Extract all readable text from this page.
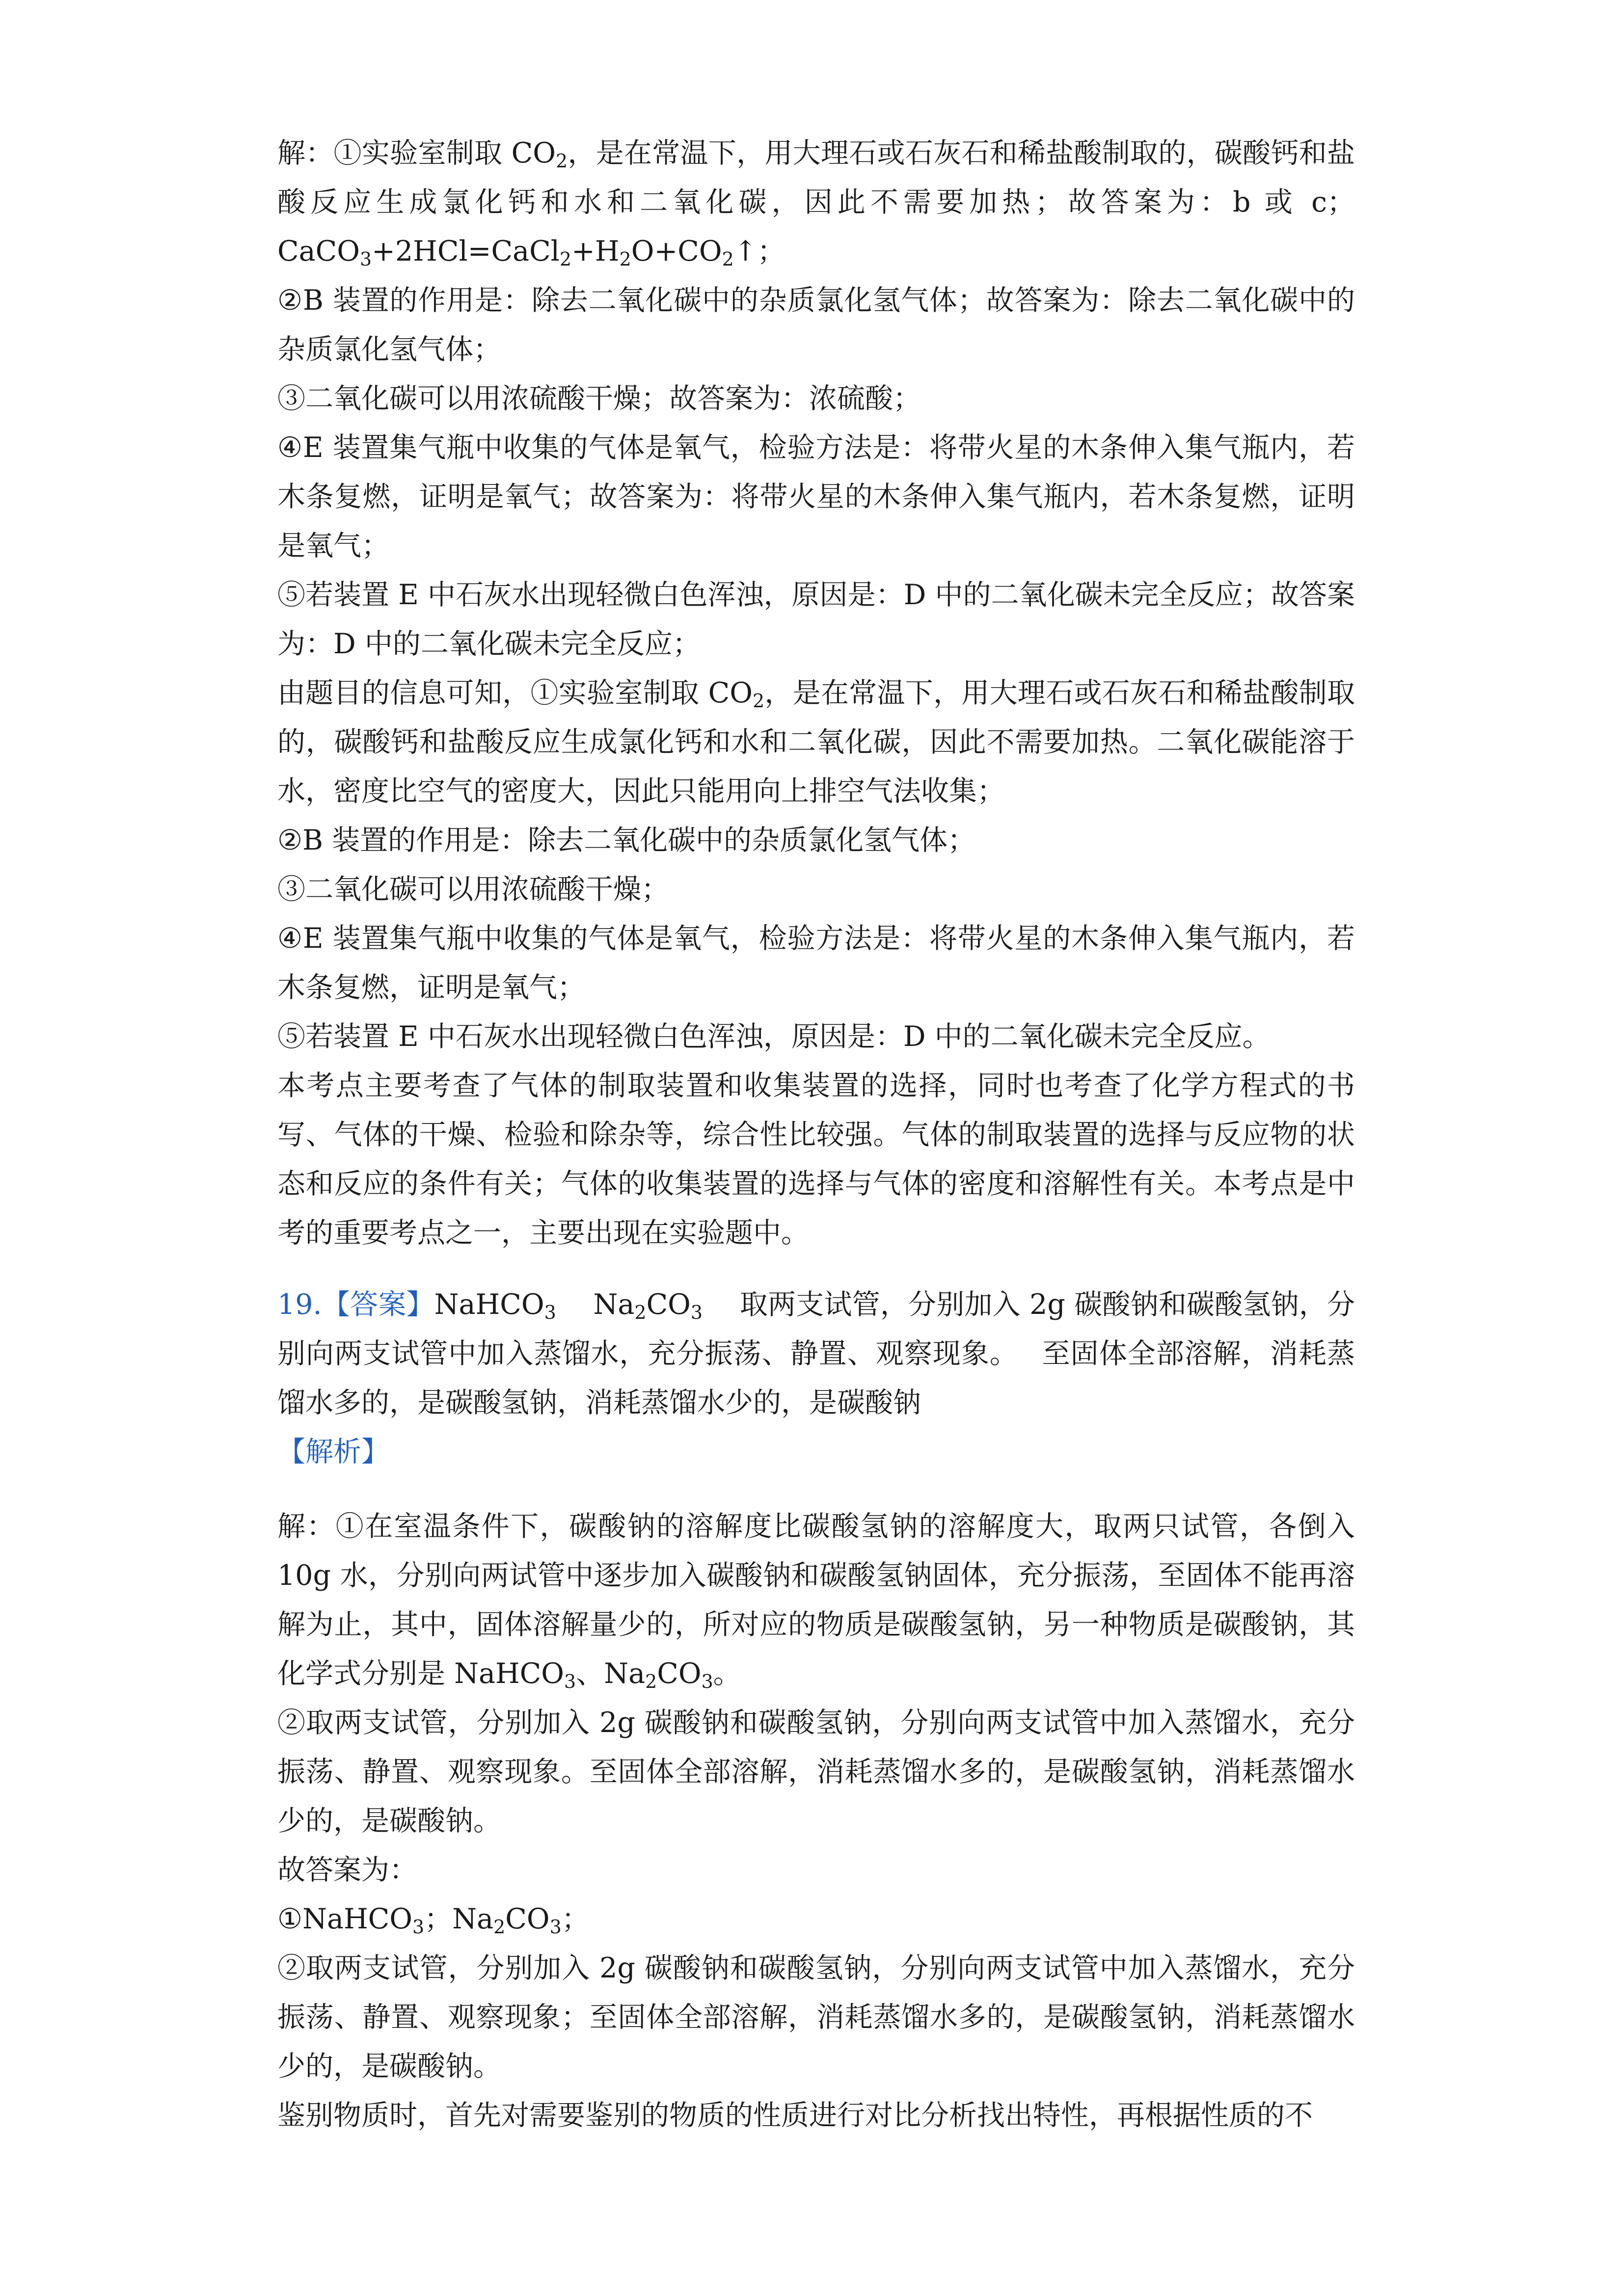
解：①实验室制取 $CO_2$，是在常温下，用大理石或石灰石和稀盐酸制取的，碳酸钙和盐酸反应生成氯化钙和水和二氧化碳，因此不需要加热；故答案为：b 或 c；$CaCO_3+2HCl=CaCl_2+H_2O+CO_2↑$；

②B 装置的作用是：除去二氧化碳中的杂质氯化氢气体；故答案为：除去二氧化碳中的杂质氯化氢气体；

③二氧化碳可以用浓硫酸干燥；故答案为：浓硫酸；

④E 装置集气瓶中收集的气体是氧气，检验方法是：将带火星的木条伸入集气瓶内，若木条复燃，证明是氧气；故答案为：将带火星的木条伸入集气瓶内，若木条复燃，证明是氧气；

⑤若装置 E 中石灰水出现轻微白色浑浊，原因是：D 中的二氧化碳未完全反应；故答案为：D 中的二氧化碳未完全反应；

由题目的信息可知，①实验室制取 $CO_2$，是在常温下，用大理石或石灰石和稀盐酸制取的，碳酸钙和盐酸反应生成氯化钙和水和二氧化碳，因此不需要加热。二氧化碳能溶于水，密度比空气的密度大，因此只能用向上排空气法收集；

②B 装置的作用是：除去二氧化碳中的杂质氯化氢气体；

③二氧化碳可以用浓硫酸干燥；

④E 装置集气瓶中收集的气体是氧气，检验方法是：将带火星的木条伸入集气瓶内，若木条复燃，证明是氧气；

⑤若装置 E 中石灰水出现轻微白色浑浊，原因是：D 中的二氧化碳未完全反应。

本考点主要考查了气体的制取装置和收集装置的选择，同时也考查了化学方程式的书写、气体的干燥、检验和除杂等，综合性比较强。气体的制取装置的选择与反应物的状态和反应的条件有关；气体的收集装置的选择与气体的密度和溶解性有关。本考点是中考的重要考点之一，主要出现在实验题中。

19.【答案】NaHCO$_3$　 $Na_2CO_3$　 取两支试管，分别加入 2g 碳酸钠和碳酸氢钠，分别向两支试管中加入蒸馏水，充分振荡、静置、观察现象。　 至固体全部溶解，消耗蒸馏水多的，是碳酸氢钠，消耗蒸馏水少的，是碳酸钠

【解析】

解：①在室温条件下，碳酸钠的溶解度比碳酸氢钠的溶解度大，取两只试管，各倒入10g 水，分别向两试管中逐步加入碳酸钠和碳酸氢钠固体，充分振荡，至固体不能再溶解为止，其中，固体溶解量少的，所对应的物质是碳酸氢钠，另一种物质是碳酸钠，其化学式分别是 NaHCO$_3$、$Na_2CO_3$。

②取两支试管，分别加入 2g 碳酸钠和碳酸氢钠，分别向两支试管中加入蒸馏水，充分振荡、静置、观察现象。至固体全部溶解，消耗蒸馏水多的，是碳酸氢钠，消耗蒸馏水少的，是碳酸钠。

故答案为：

①NaHCO$_3$；$Na_2CO_3$；

②取两支试管，分别加入 2g 碳酸钠和碳酸氢钠，分别向两支试管中加入蒸馏水，充分振荡、静置、观察现象；至固体全部溶解，消耗蒸馏水多的，是碳酸氢钠，消耗蒸馏水少的，是碳酸钠。

鉴别物质时，首先对需要鉴别的物质的性质进行对比分析找出特性，再根据性质的不
